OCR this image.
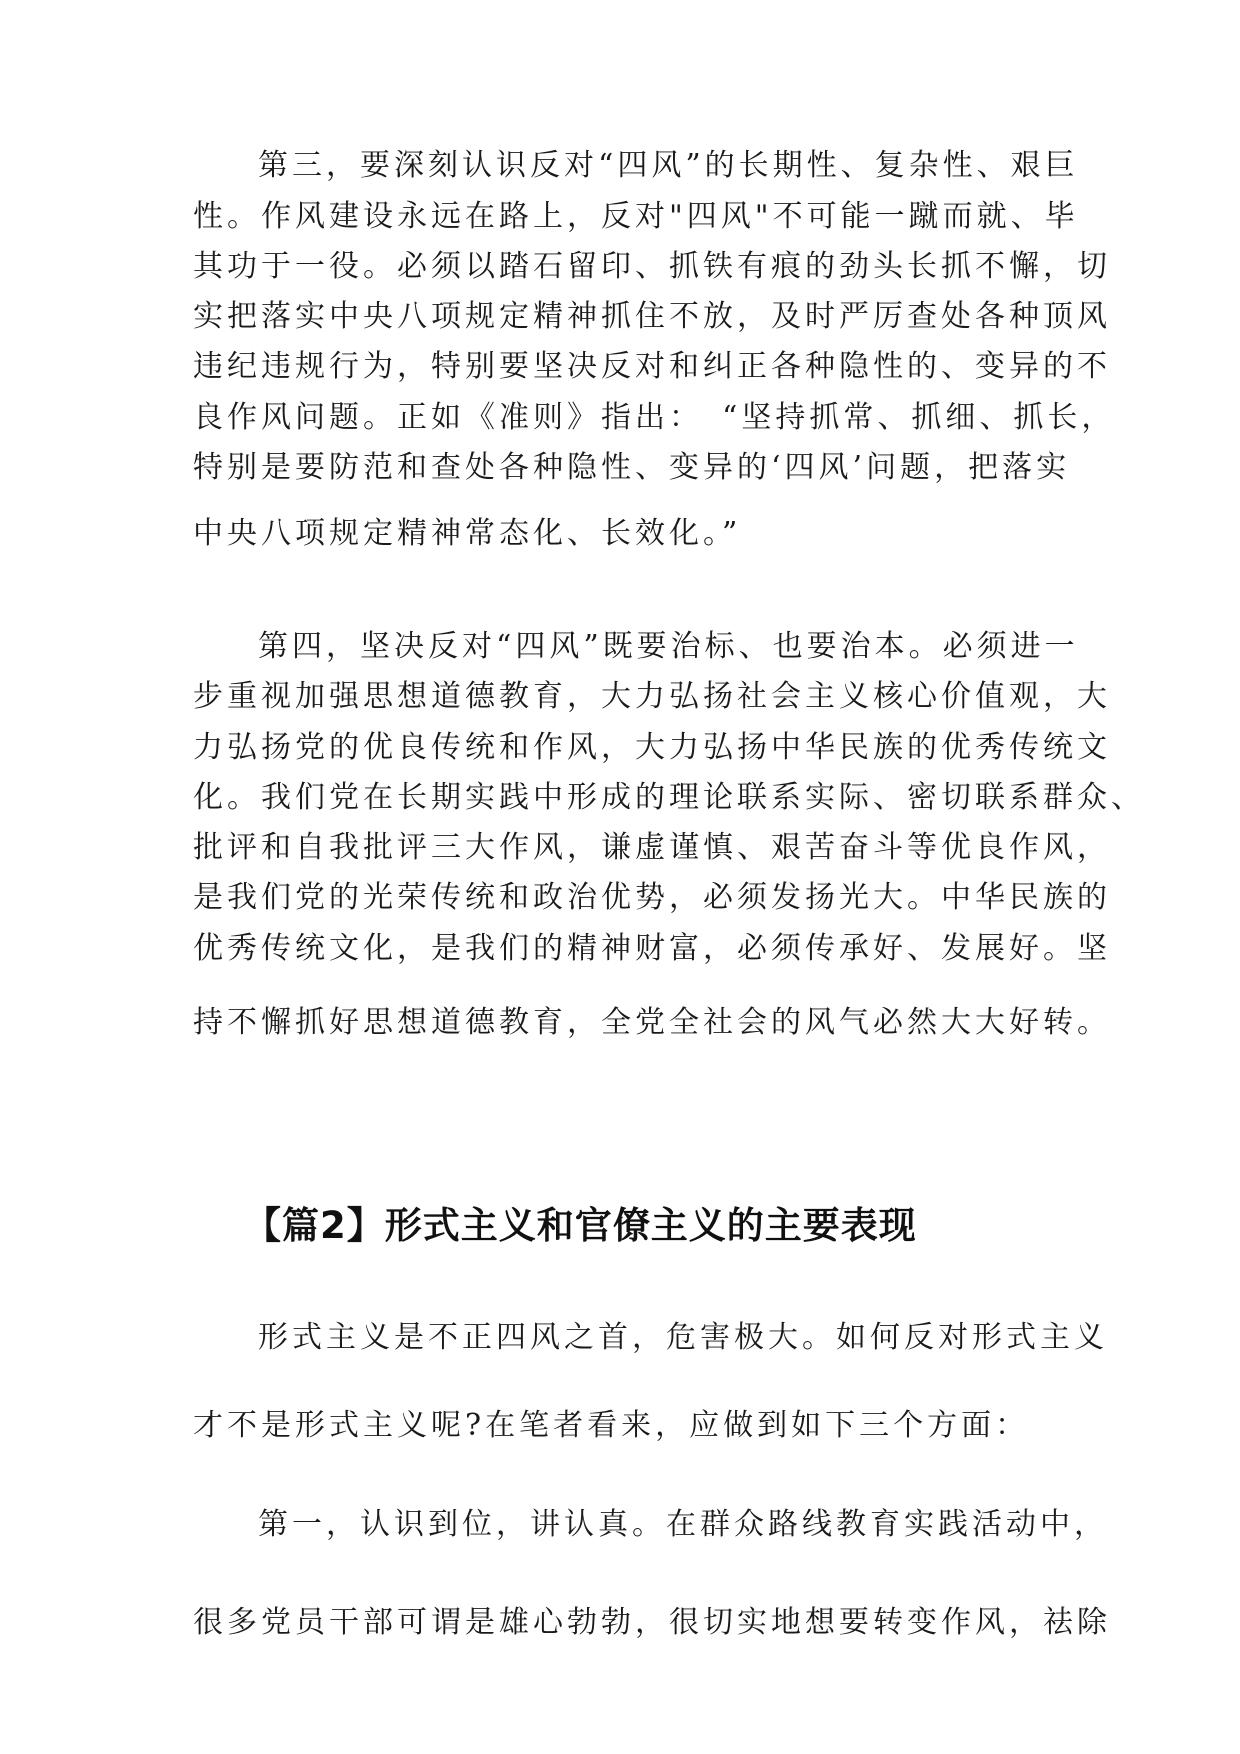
第三，要深刻认识反对“四风”的长期性、复杂性、艰巨
性。作风建设永远在路上，反对"四风"不可能一蹴而就、毕
其功于一役。必须以踏石留印、抓铁有痕的劲头长抓不懈，切
实把落实中央八项规定精神抓住不放，及时严厉查处各种顶风
违纪违规行为，特别要坚决反对和纠正各种隐性的、变异的不
良作风问题。正如《准则》指出：　“坚持抓常、抓细、抓长，
特别是要防范和查处各种隐性、变异的‘四风’问题，把落实
中央八项规定精神常态化、长效化。”
第四，坚决反对“四风”既要治标、也要治本。必须进一
步重视加强思想道德教育，大力弘扬社会主义核心价值观，大
力弘扬党的优良传统和作风，大力弘扬中华民族的优秀传统文
化。我们党在长期实践中形成的理论联系实际、密切联系群众、
批评和自我批评三大作风，谦虚谨慎、艰苦奋斗等优良作风，
是我们党的光荣传统和政治优势，必须发扬光大。中华民族的
优秀传统文化，是我们的精神财富，必须传承好、发展好。坚
持不懈抓好思想道德教育，全党全社会的风气必然大大好转。
【篇2】形式主义和官僚主义的主要表现
形式主义是不正四风之首，危害极大。如何反对形式主义
才不是形式主义呢?在笔者看来，应做到如下三个方面：
第一，认识到位，讲认真。在群众路线教育实践活动中，
很多党员干部可谓是雄心勃勃，很切实地想要转变作风，祛除
